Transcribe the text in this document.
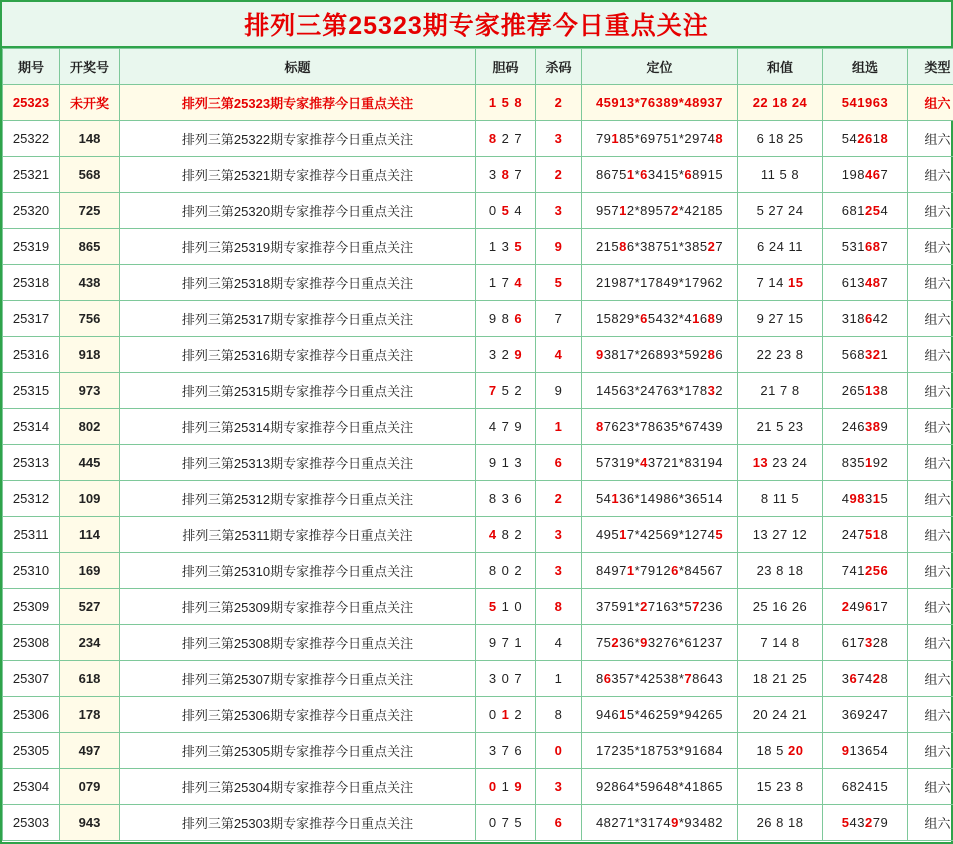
排列三第25323期专家推荐今日重点关注
期号	开奖号	标题	胆码	杀码	定位	和值	组选	类型
25323	未开奖	排列三第25323期专家推荐今日重点关注	1 5 8	2	45913*76389*48937	22 18 24	541963	组六
25322	148	排列三第25322期专家推荐今日重点关注	8 2 7	3	79185*69751*29748	6 18 25	542618	组六
25321	568	排列三第25321期专家推荐今日重点关注	3 8 7	2	86751*63415*68915	11 5 8	198467	组六
25320	725	排列三第25320期专家推荐今日重点关注	0 5 4	3	95712*89572*42185	5 27 24	681254	组六
25319	865	排列三第25319期专家推荐今日重点关注	1 3 5	9	21586*38751*38527	6 24 11	531687	组六
25318	438	排列三第25318期专家推荐今日重点关注	1 7 4	5	21987*17849*17962	7 14 15	613487	组六
25317	756	排列三第25317期专家推荐今日重点关注	9 8 6	7	15829*65432*41689	9 27 15	318642	组六
25316	918	排列三第25316期专家推荐今日重点关注	3 2 9	4	93817*26893*59286	22 23 8	568321	组六
25315	973	排列三第25315期专家推荐今日重点关注	7 5 2	9	14563*24763*17832	21 7 8	265138	组六
25314	802	排列三第25314期专家推荐今日重点关注	4 7 9	1	87623*78635*67439	21 5 23	246389	组六
25313	445	排列三第25313期专家推荐今日重点关注	9 1 3	6	57319*43721*83194	13 23 24	835192	组六
25312	109	排列三第25312期专家推荐今日重点关注	8 3 6	2	54136*14986*36514	8 11 5	498315	组六
25311	114	排列三第25311期专家推荐今日重点关注	4 8 2	3	49517*42569*12745	13 27 12	247518	组六
25310	169	排列三第25310期专家推荐今日重点关注	8 0 2	3	84971*79126*84567	23 8 18	741256	组六
25309	527	排列三第25309期专家推荐今日重点关注	5 1 0	8	37591*27163*57236	25 16 26	249617	组六
25308	234	排列三第25308期专家推荐今日重点关注	9 7 1	4	75236*93276*61237	7 14 8	617328	组六
25307	618	排列三第25307期专家推荐今日重点关注	3 0 7	1	86357*42538*78643	18 21 25	367428	组六
25306	178	排列三第25306期专家推荐今日重点关注	0 1 2	8	94615*46259*94265	20 24 21	369247	组六
25305	497	排列三第25305期专家推荐今日重点关注	3 7 6	0	17235*18753*91684	18 5 20	913654	组六
25304	079	排列三第25304期专家推荐今日重点关注	0 1 9	3	92864*59648*41865	15 23 8	682415	组六
25303	943	排列三第25303期专家推荐今日重点关注	0 7 5	6	48271*31749*93482	26 8 18	543279	组六
